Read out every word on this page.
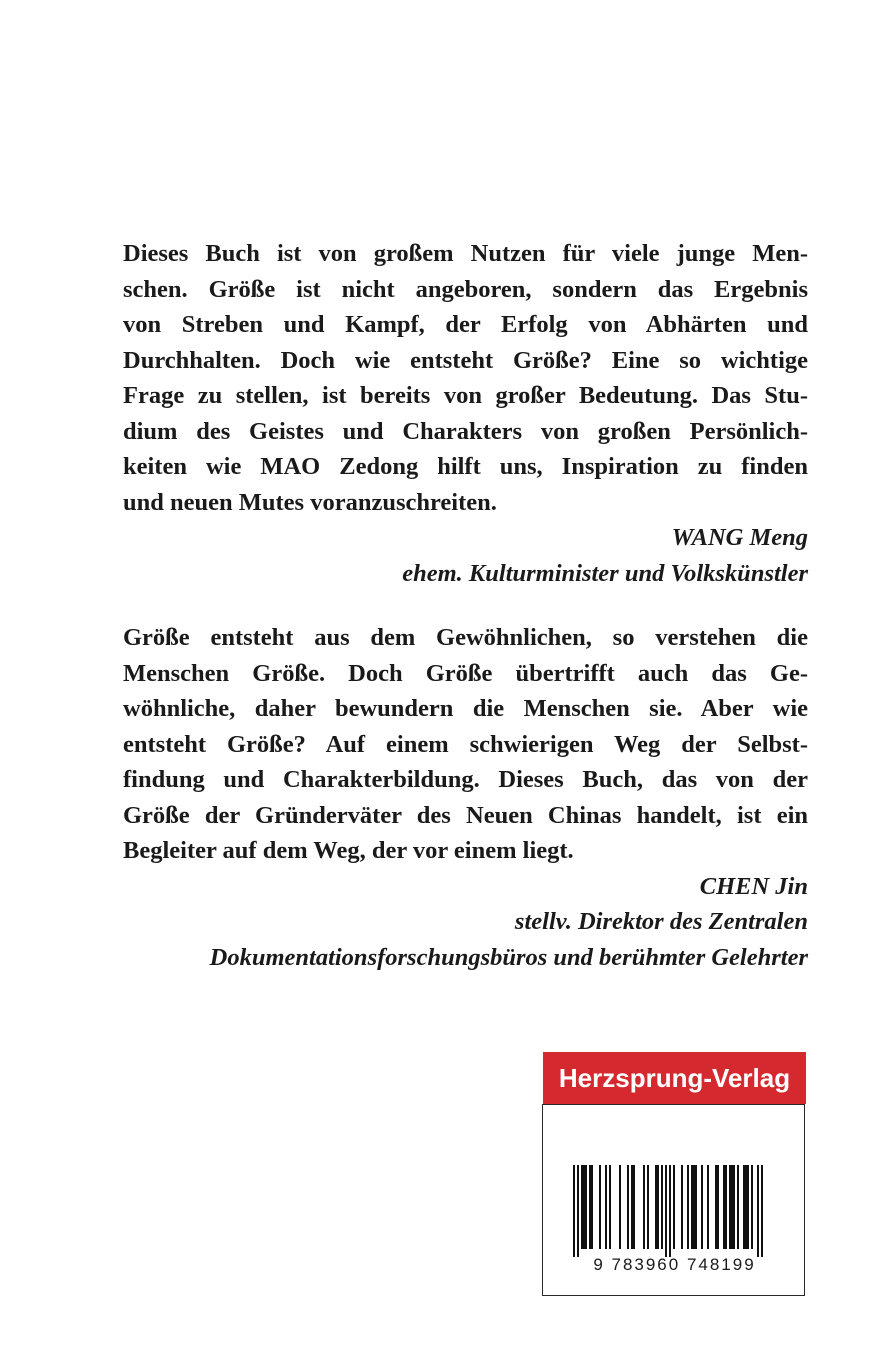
Dieses Buch ist von großem Nutzen für viele junge Men-
schen. Größe ist nicht angeboren, sondern das Ergebnis
von Streben und Kampf, der Erfolg von Abhärten und
Durchhalten. Doch wie entsteht Größe? Eine so wichtige
Frage zu stellen, ist bereits von großer Bedeutung. Das Stu-
dium des Geistes und Charakters von großen Persönlich-
keiten wie MAO Zedong hilft uns, Inspiration zu finden
und neuen Mutes voranzuschreiten.
WANG Meng
ehem. Kulturminister und Volkskünstler
Größe entsteht aus dem Gewöhnlichen, so verstehen die
Menschen Größe. Doch Größe übertrifft auch das Ge-
wöhnliche, daher bewundern die Menschen sie. Aber wie
entsteht Größe? Auf einem schwierigen Weg der Selbst-
findung und Charakterbildung. Dieses Buch, das von der
Größe der Gründerväter des Neuen Chinas handelt, ist ein
Begleiter auf dem Weg, der vor einem liegt.
CHEN Jin
stellv. Direktor des Zentralen
Dokumentationsforschungsbüros und berühmter Gelehrter
Herzsprung-Verlag
9 783960 748199
